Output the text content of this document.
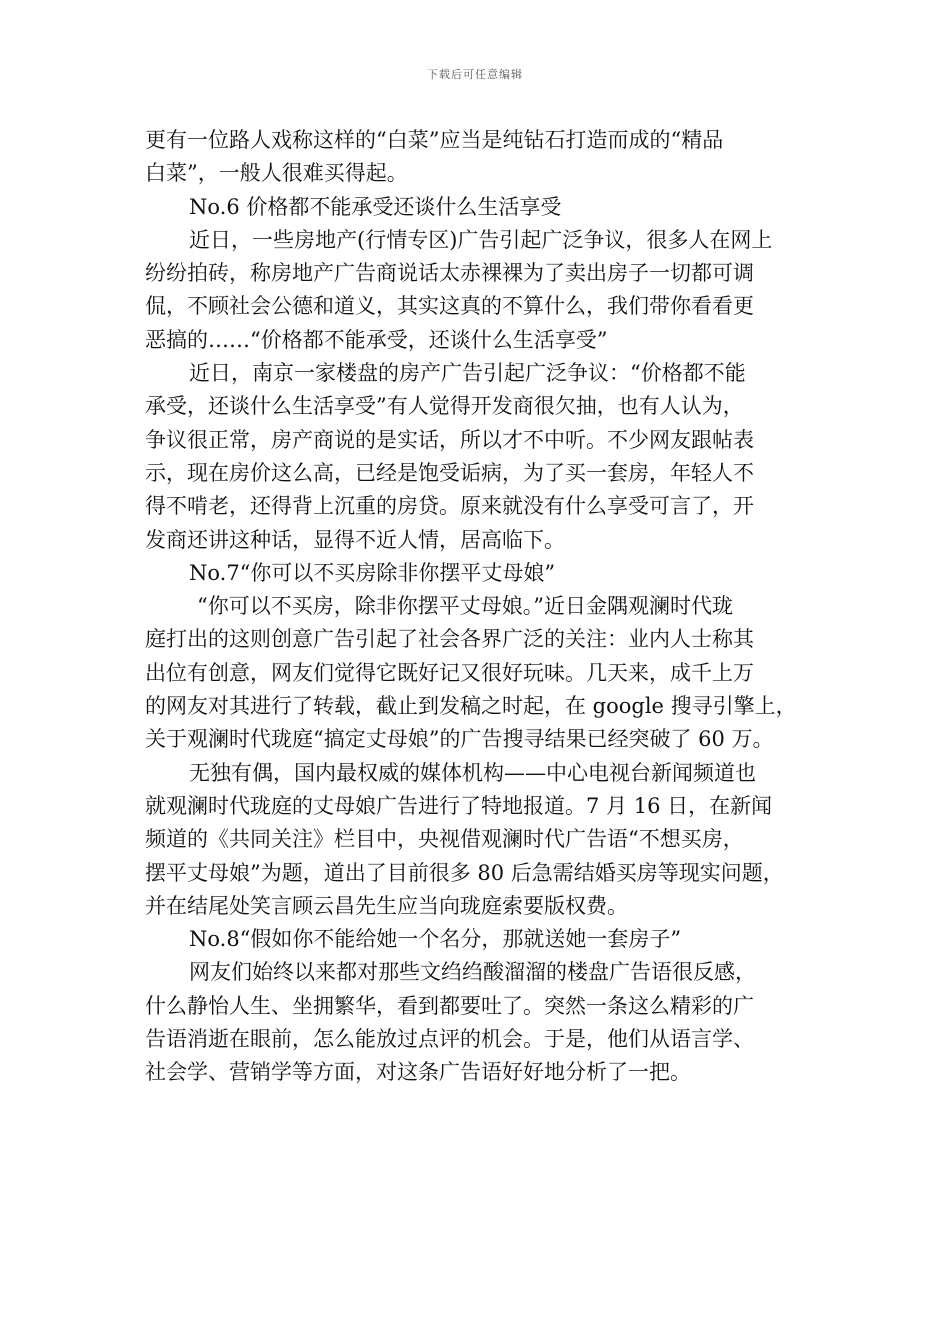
下载后可任意编辑
更有一位路人戏称这样的“白菜”应当是纯钻石打造而成的“精品
白菜”，一般人很难买得起。
No.6 价格都不能承受还谈什么生活享受
近日，一些房地产(行情专区)广告引起广泛争议，很多人在网上
纷纷拍砖，称房地产广告商说话太赤裸裸为了卖出房子一切都可调
侃，不顾社会公德和道义，其实这真的不算什么，我们带你看看更
恶搞的……“价格都不能承受，还谈什么生活享受”
近日，南京一家楼盘的房产广告引起广泛争议：“价格都不能
承受，还谈什么生活享受”有人觉得开发商很欠抽，也有人认为，
争议很正常，房产商说的是实话，所以才不中听。不少网友跟帖表
示，现在房价这么高，已经是饱受诟病，为了买一套房，年轻人不
得不啃老，还得背上沉重的房贷。原来就没有什么享受可言了，开
发商还讲这种话，显得不近人情，居高临下。
No.7“你可以不买房除非你摆平丈母娘”
“你可以不买房，除非你摆平丈母娘。”近日金隅观澜时代珑
庭打出的这则创意广告引起了社会各界广泛的关注：业内人士称其
出位有创意，网友们觉得它既好记又很好玩味。几天来，成千上万
的网友对其进行了转载，截止到发稿之时起，在 google 搜寻引擎上，
关于观澜时代珑庭“搞定丈母娘”的广告搜寻结果已经突破了 60 万。
无独有偶，国内最权威的媒体机构——中心电视台新闻频道也
就观澜时代珑庭的丈母娘广告进行了特地报道。7 月 16 日，在新闻
频道的《共同关注》栏目中，央视借观澜时代广告语“不想买房，
摆平丈母娘”为题，道出了目前很多 80 后急需结婚买房等现实问题，
并在结尾处笑言顾云昌先生应当向珑庭索要版权费。
No.8“假如你不能给她一个名分，那就送她一套房子”
网友们始终以来都对那些文绉绉酸溜溜的楼盘广告语很反感，
什么静怡人生、坐拥繁华，看到都要吐了。突然一条这么精彩的广
告语消逝在眼前，怎么能放过点评的机会。于是，他们从语言学、
社会学、营销学等方面，对这条广告语好好地分析了一把。
